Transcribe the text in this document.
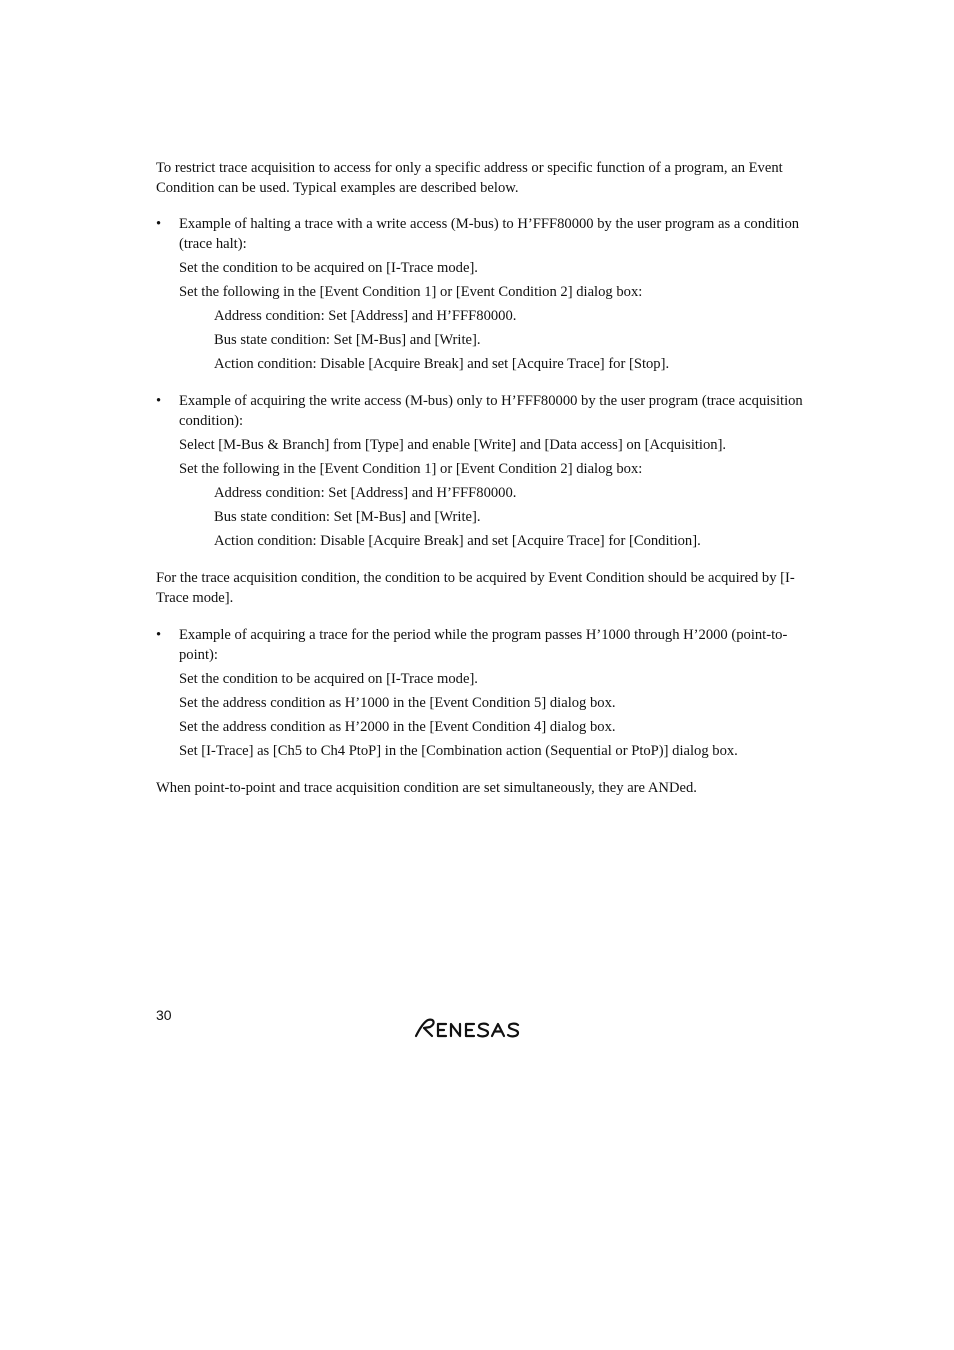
To restrict trace acquisition to access for only a specific address or specific function of a program, an Event Condition can be used. Typical examples are described below.

•	Example of halting a trace with a write access (M-bus) to H’FFF80000 by the user program as a condition (trace halt):

Set the condition to be acquired on [I-Trace mode].

Set the following in the [Event Condition 1] or [Event Condition 2] dialog box:

Address condition: Set [Address] and H’FFF80000.

Bus state condition: Set [M-Bus] and [Write].

Action condition: Disable [Acquire Break] and set [Acquire Trace] for [Stop].

•	Example of acquiring the write access (M-bus) only to H’FFF80000 by the user program (trace acquisition condition):

Select [M-Bus & Branch] from [Type] and enable [Write] and [Data access] on [Acquisition].

Set the following in the [Event Condition 1] or [Event Condition 2] dialog box:

Address condition: Set [Address] and H’FFF80000.

Bus state condition: Set [M-Bus] and [Write].

Action condition: Disable [Acquire Break] and set [Acquire Trace] for [Condition].

For the trace acquisition condition, the condition to be acquired by Event Condition should be acquired by [I-Trace mode].

•	Example of acquiring a trace for the period while the program passes H’1000 through H’2000 (point-to-point):

Set the condition to be acquired on [I-Trace mode].

Set the address condition as H’1000 in the [Event Condition 5] dialog box.

Set the address condition as H’2000 in the [Event Condition 4] dialog box.

Set [I-Trace] as [Ch5 to Ch4 PtoP] in the [Combination action (Sequential or PtoP)] dialog box.

When point-to-point and trace acquisition condition are set simultaneously, they are ANDed.

30
